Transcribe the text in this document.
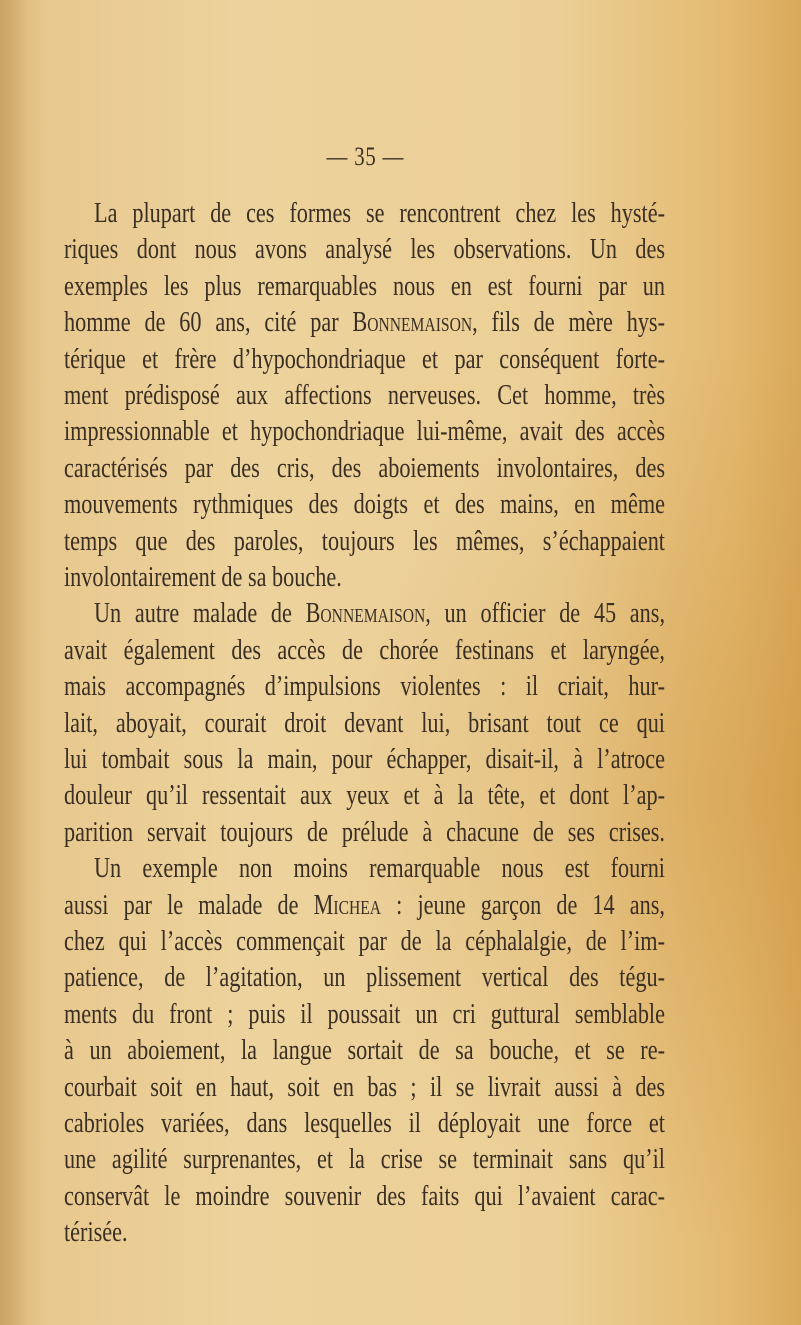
— 35 —
La plupart de ces formes se rencontrent chez les hysté-
riques dont nous avons analysé les observations. Un des
exemples les plus remarquables nous en est fourni par un
homme de 60 ans, cité par Bonnemaison, fils de mère hys-
térique et frère d’hypochondriaque et par conséquent forte-
ment prédisposé aux affections nerveuses. Cet homme, très
impressionnable et hypochondriaque lui-même, avait des accès
caractérisés par des cris, des aboiements involontaires, des
mouvements rythmiques des doigts et des mains, en même
temps que des paroles, toujours les mêmes, s’échappaient
involontairement de sa bouche.
Un autre malade de Bonnemaison, un officier de 45 ans,
avait également des accès de chorée festinans et laryngée,
mais accompagnés d’impulsions violentes : il criait, hur-
lait, aboyait, courait droit devant lui, brisant tout ce qui
lui tombait sous la main, pour échapper, disait-il, à l’atroce
douleur qu’il ressentait aux yeux et à la tête, et dont l’ap-
parition servait toujours de prélude à chacune de ses crises.
Un exemple non moins remarquable nous est fourni
aussi par le malade de Michea : jeune garçon de 14 ans,
chez qui l’accès commençait par de la céphalalgie, de l’im-
patience, de l’agitation, un plissement vertical des tégu-
ments du front ; puis il poussait un cri guttural semblable
à un aboiement, la langue sortait de sa bouche, et se re-
courbait soit en haut, soit en bas ; il se livrait aussi à des
cabrioles variées, dans lesquelles il déployait une force et
une agilité surprenantes, et la crise se terminait sans qu’il
conservât le moindre souvenir des faits qui l’avaient carac-
térisée.
